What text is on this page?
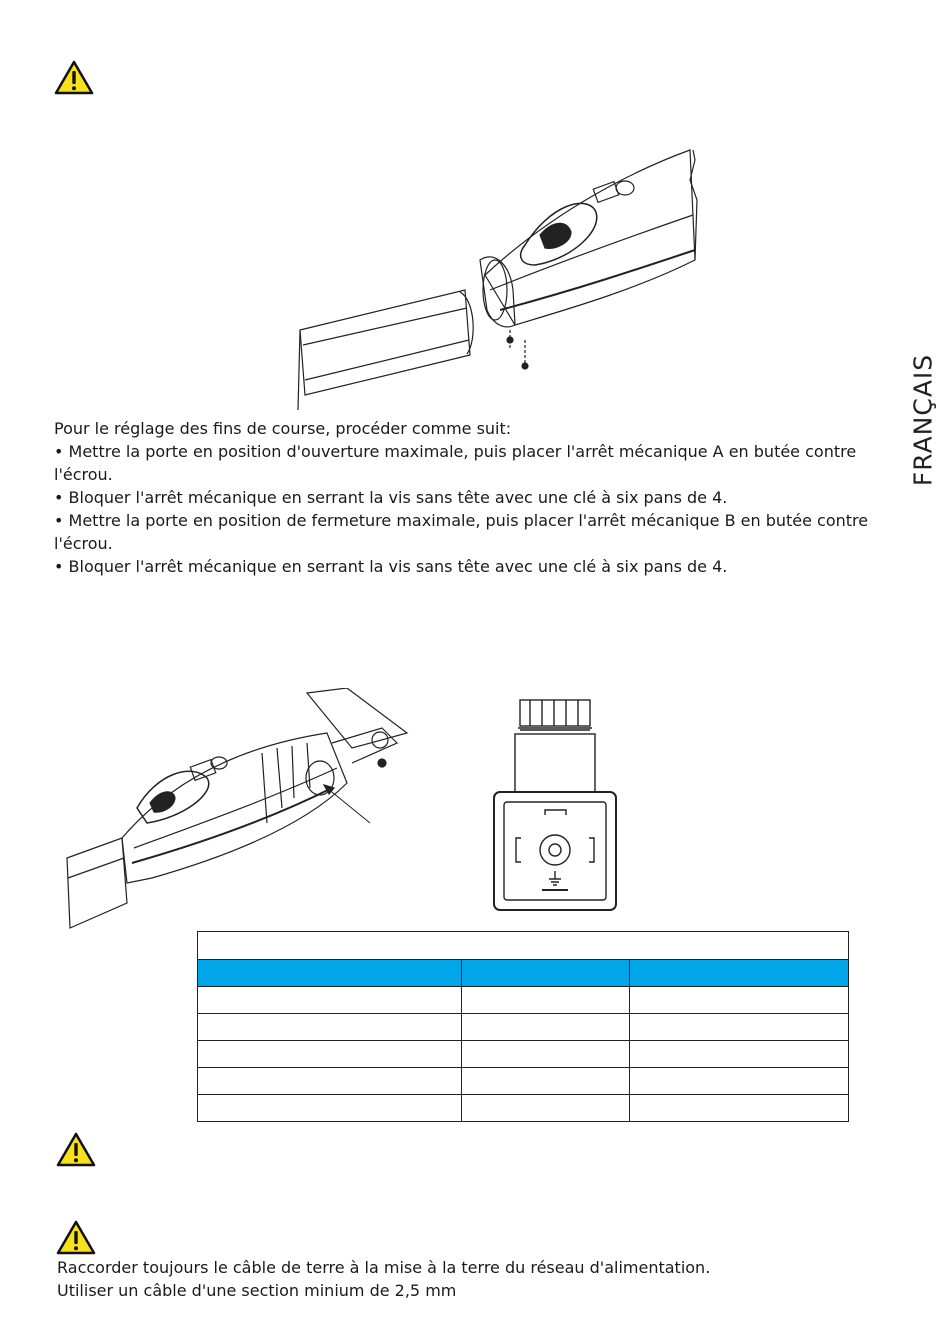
FRANÇAIS
Pour le réglage des fins de course, procéder comme suit:
• Mettre la porte en position d'ouverture maximale, puis placer l'arrêt mécanique A en butée contre
l'écrou.
• Bloquer l'arrêt mécanique en serrant la vis sans tête avec une clé à six pans de 4.
• Mettre la porte en position de fermeture maximale, puis placer l'arrêt mécanique B en butée contre
l'écrou.
• Bloquer l'arrêt mécanique en serrant la vis sans tête avec une clé à six pans de 4.

Raccorder toujours le câble de terre à la mise à la terre du réseau d'alimentation.
Utiliser un câble d'une section minium de 2,5 mm
